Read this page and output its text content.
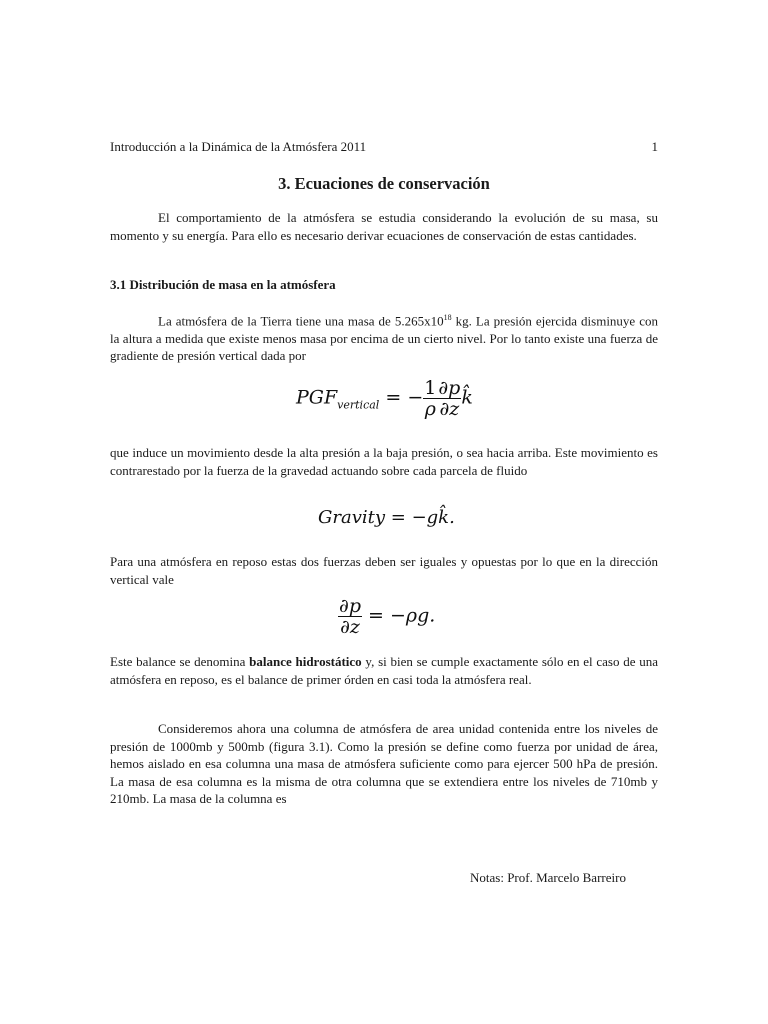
Introducción a la Dinámica de la Atmósfera 2011	1
3. Ecuaciones de conservación

El comportamiento de la atmósfera se estudia considerando la evolución de su masa, su momento y su energía. Para ello es necesario derivar ecuaciones de conservación de estas cantidades.

3.1 Distribución de masa en la atmósfera

La atmósfera de la Tierra tiene una masa de $5.265x10^{18}$ kg. La presión ejercida disminuye con la altura a medida que existe menos masa por encima de un cierto nivel. Por lo tanto existe una fuerza de gradiente de presión vertical dada por

$PGF_{vertical}$ = − $\frac{1}{\rho} \frac{\partial p}{\partial z}$ k̂

que induce un movimiento desde la alta presión a la baja presión, o sea hacia arriba. Este movimiento es contrarestado por la fuerza de la gravedad actuando sobre cada parcela de fluido

Gravity = −gk̂.

Para una atmósfera en reposo estas dos fuerzas deben ser iguales y opuestas por lo que en la dirección vertical vale

$\frac{\partial p}{\partial z} = -\rho g$.

Este balance se denomina balance hidrostático y, si bien se cumple exactamente sólo en el caso de una atmósfera en reposo, es el balance de primer órden en casi toda la atmósfera real.

Consideremos ahora una columna de atmósfera de area unidad contenida entre los niveles de presión de 1000mb y 500mb (figura 3.1). Como la presión se define como fuerza por unidad de área, hemos aislado en esa columna una masa de atmósfera suficiente como para ejercer 500 hPa de presión. La masa de esa columna es la misma de otra columna que se extendiera entre los niveles de 710mb y 210mb. La masa de la columna es

Notas: Prof. Marcelo Barreiro
